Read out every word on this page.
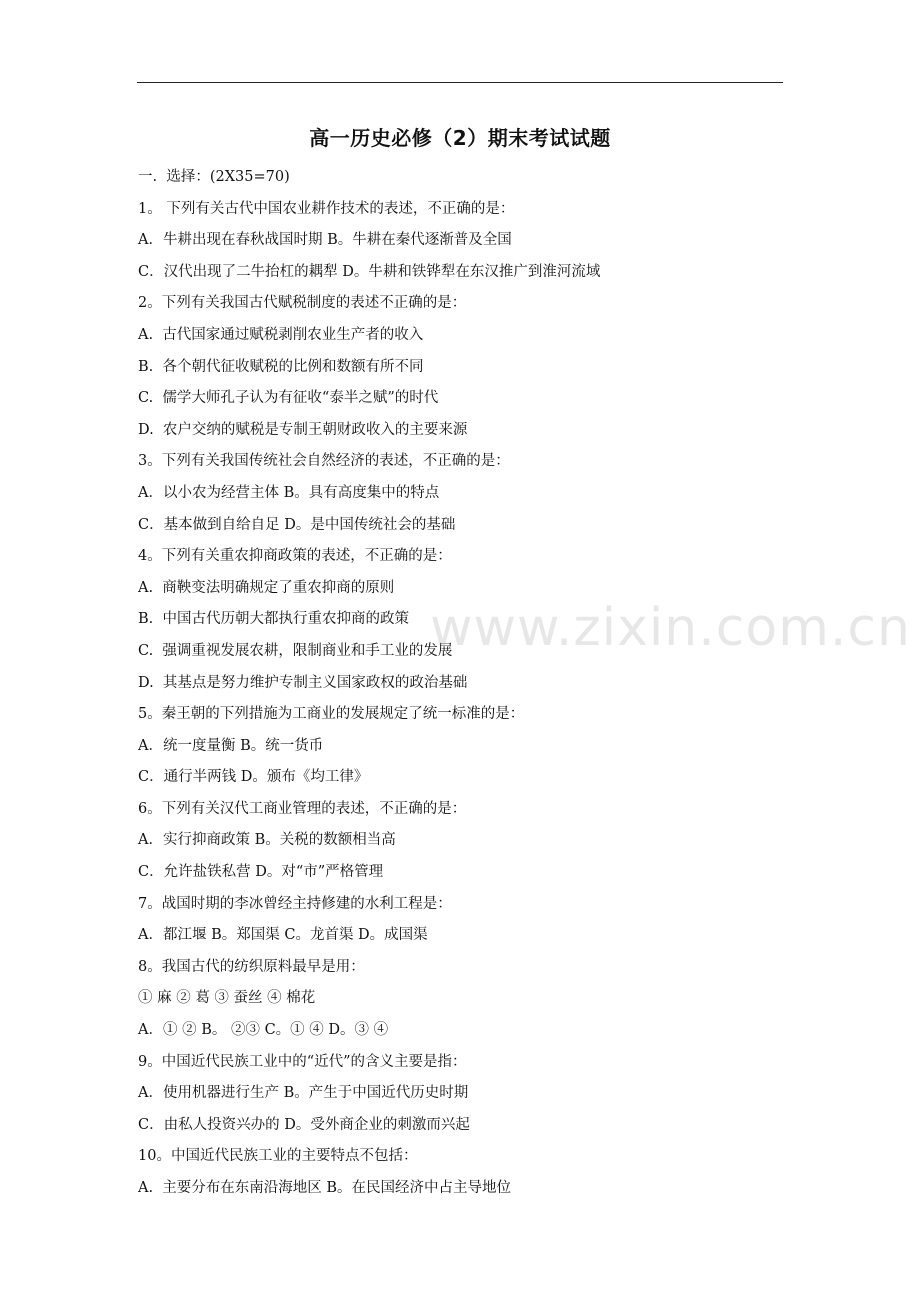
高一历史必修（2）期末考试试题
一.  选择：(2X35=70)
1。 下列有关古代中国农业耕作技术的表述，不正确的是：
A．牛耕出现在春秋战国时期 B。牛耕在秦代逐渐普及全国
C．汉代出现了二牛抬杠的耦犁 D。牛耕和铁铧犁在东汉推广到淮河流域
2。下列有关我国古代赋税制度的表述不正确的是：
A.  古代国家通过赋税剥削农业生产者的收入
B.  各个朝代征收赋税的比例和数额有所不同
C.  儒学大师孔子认为有征收“泰半之赋”的时代
D.  农户交纳的赋税是专制王朝财政收入的主要来源
3。下列有关我国传统社会自然经济的表述，不正确的是：
A．以小农为经营主体 B。具有高度集中的特点
C．基本做到自给自足 D。是中国传统社会的基础
4。下列有关重农抑商政策的表述，不正确的是：
A.  商鞅变法明确规定了重农抑商的原则
B.  中国古代历朝大都执行重农抑商的政策
C.  强调重视发展农耕，限制商业和手工业的发展
D.  其基点是努力维护专制主义国家政权的政治基础
5。秦王朝的下列措施为工商业的发展规定了统一标准的是：
A．统一度量衡 B。统一货币
C．通行半两钱 D。颁布《均工律》
6。下列有关汉代工商业管理的表述，不正确的是：
A．实行抑商政策 B。关税的数额相当高
C．允许盐铁私营 D。对“市”严格管理
7。战国时期的李冰曾经主持修建的水利工程是：
A．都江堰 B。郑国渠 C。龙首渠 D。成国渠
8。我国古代的纺织原料最早是用：
① 麻 ② 葛 ③ 蚕丝 ④ 棉花
A．① ② B。 ②③ C。① ④ D。③ ④
9。中国近代民族工业中的“近代”的含义主要是指：
A．使用机器进行生产 B。产生于中国近代历史时期
C．由私人投资兴办的 D。受外商企业的刺激而兴起
10。中国近代民族工业的主要特点不包括：
A.  主要分布在东南沿海地区 B。在民国经济中占主导地位
www.zixin.com.cn
